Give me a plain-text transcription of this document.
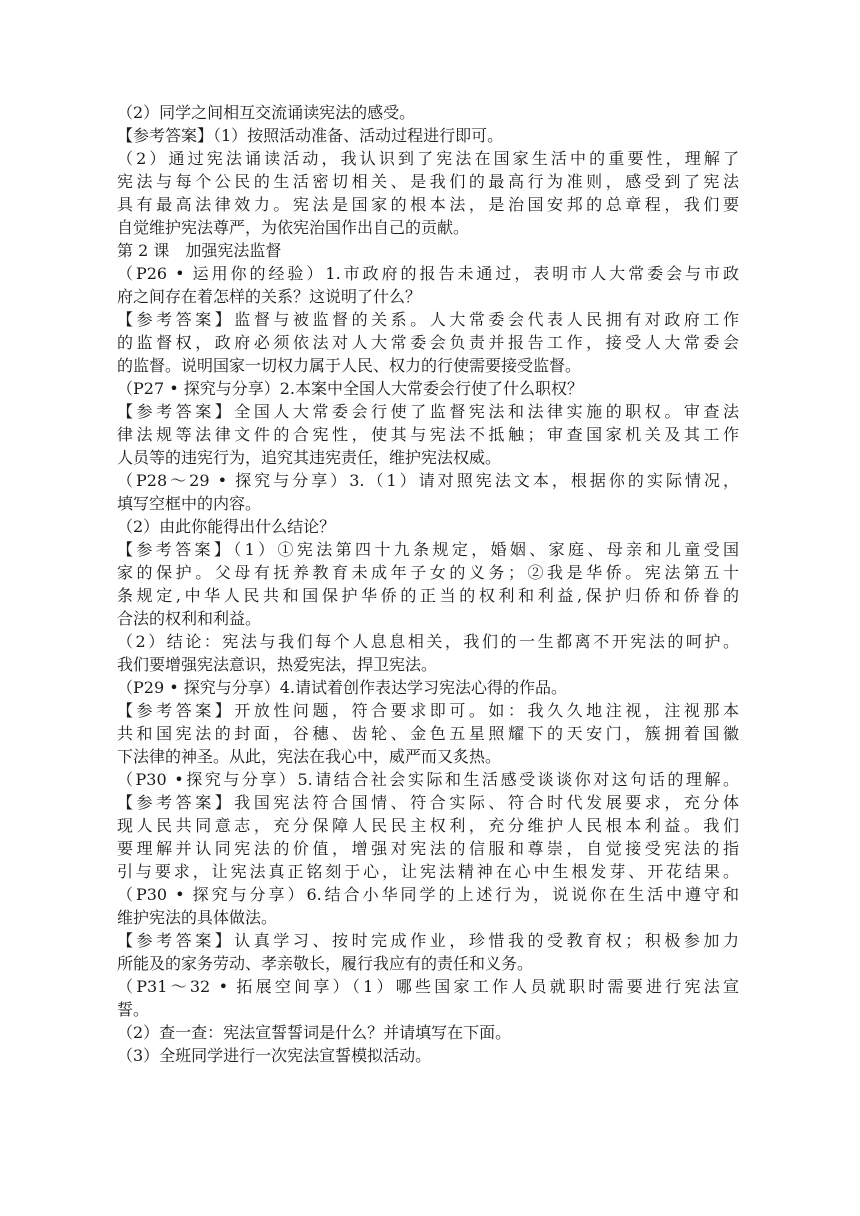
（2）同学之间相互交流诵读宪法的感受。
【参考答案】（1）按照活动准备、活动过程进行即可。
（2）通过宪法诵读活动，我认识到了宪法在国家生活中的重要性，理解了
宪法与每个公民的生活密切相关、是我们的最高行为准则，感受到了宪法
具有最高法律效力。宪法是国家的根本法，是治国安邦的总章程，我们要
自觉维护宪法尊严，为依宪治国作出自己的贡献。
第 2 课　加强宪法监督
（P26 • 运用你的经验）1.市政府的报告未通过，表明市人大常委会与市政
府之间存在着怎样的关系？这说明了什么？
【参考答案】监督与被监督的关系。人大常委会代表人民拥有对政府工作
的监督权，政府必须依法对人大常委会负责并报告工作，接受人大常委会
的监督。说明国家一切权力属于人民、权力的行使需要接受监督。
（P27 • 探究与分享）2.本案中全国人大常委会行使了什么职权？
【参考答案】全国人大常委会行使了监督宪法和法律实施的职权。审查法
律法规等法律文件的合宪性，使其与宪法不抵触；审查国家机关及其工作
人员等的违宪行为，追究其违宪责任，维护宪法权威。
（P28～29 • 探究与分享）3.（1）请对照宪法文本，根据你的实际情况，
填写空框中的内容。
（2）由此你能得出什么结论？
【参考答案】（1）①宪法第四十九条规定，婚姻、家庭、母亲和儿童受国
家的保护。父母有抚养教育未成年子女的义务；②我是华侨。宪法第五十
条规定,中华人民共和国保护华侨的正当的权利和利益,保护归侨和侨眷的
合法的权利和利益。
（2）结论：宪法与我们每个人息息相关，我们的一生都离不开宪法的呵护。
我们要增强宪法意识，热爱宪法，捍卫宪法。
（P29 • 探究与分享）4.请试着创作表达学习宪法心得的作品。
【参考答案】开放性问题，符合要求即可。如：我久久地注视，注视那本
共和国宪法的封面，谷穗、齿轮、金色五星照耀下的天安门，簇拥着国徽
下法律的神圣。从此，宪法在我心中，威严而又炙热。
（P30 •探究与分享）5.请结合社会实际和生活感受谈谈你对这句话的理解。
【参考答案】我国宪法符合国情、符合实际、符合时代发展要求，充分体
现人民共同意志，充分保障人民民主权利，充分维护人民根本利益。我们
要理解并认同宪法的价值，增强对宪法的信服和尊崇，自觉接受宪法的指
引与要求，让宪法真正铭刻于心，让宪法精神在心中生根发芽、开花结果。
（P30 • 探究与分享）6.结合小华同学的上述行为，说说你在生活中遵守和
维护宪法的具体做法。
【参考答案】认真学习、按时完成作业，珍惜我的受教育权；积极参加力
所能及的家务劳动、孝亲敬长，履行我应有的责任和义务。
（P31～32 • 拓展空间享）（1）哪些国家工作人员就职时需要进行宪法宣
誓。
（2）查一查：宪法宣誓誓词是什么？并请填写在下面。
（3）全班同学进行一次宪法宣誓模拟活动。
